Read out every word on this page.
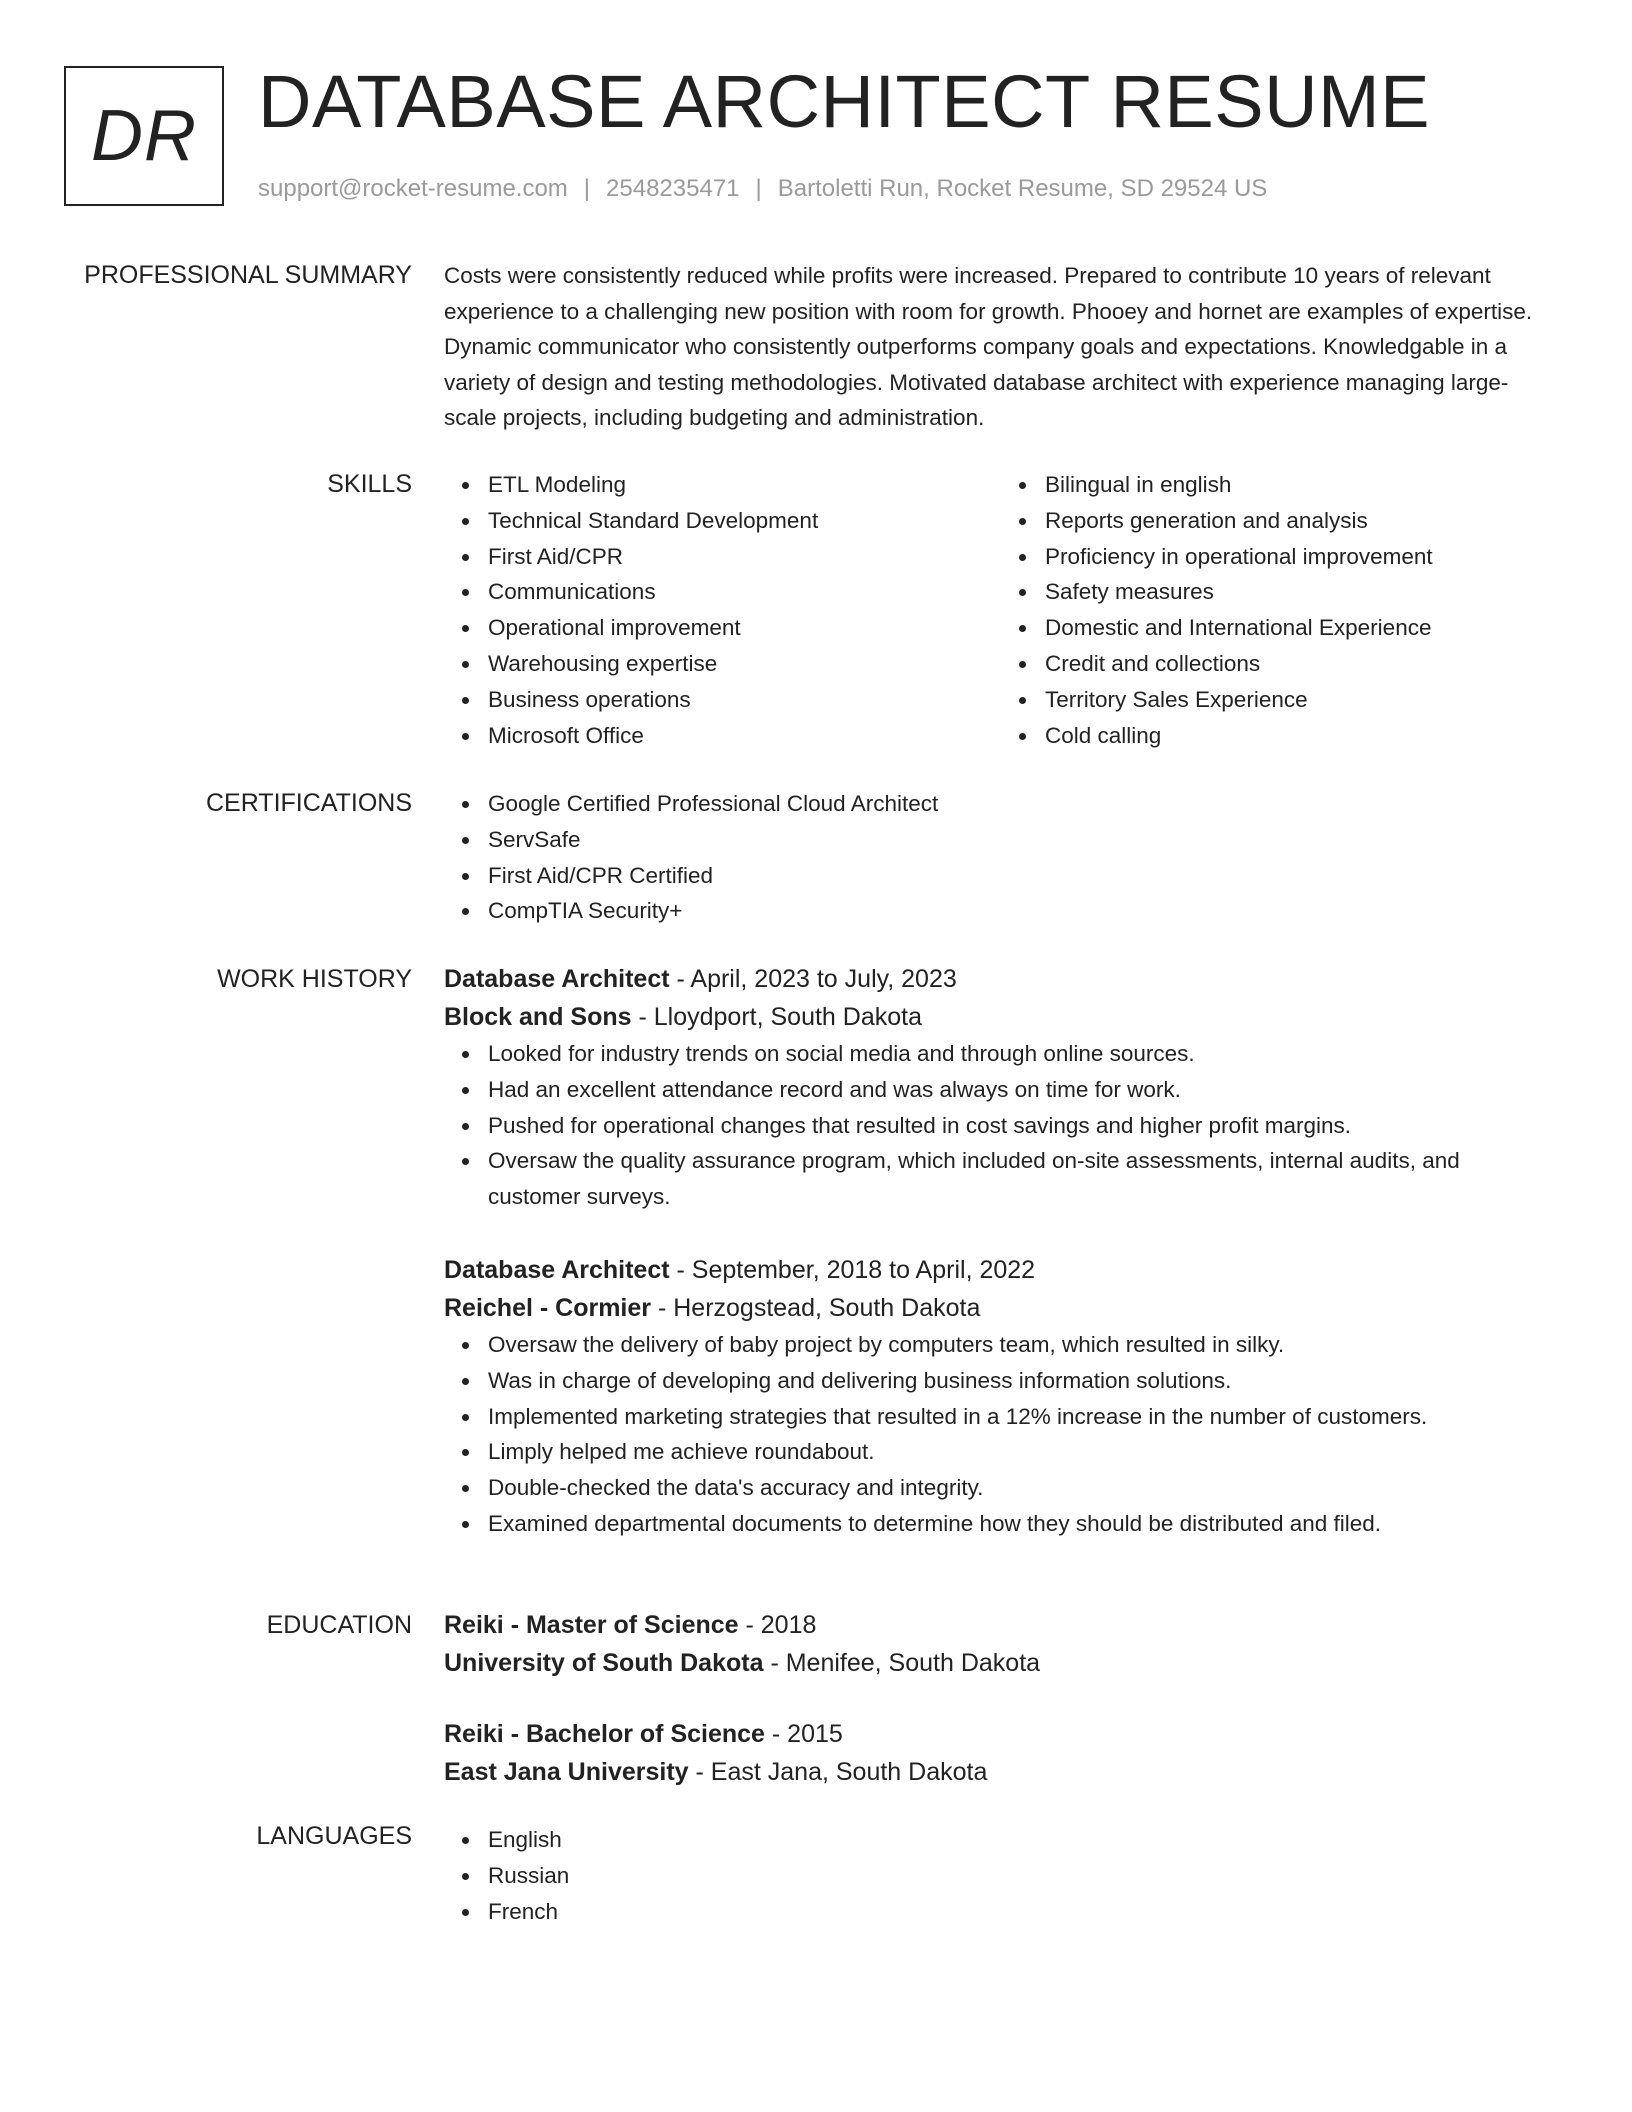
DR DATABASE ARCHITECT RESUME
support@rocket-resume.com | 2548235471 | Bartoletti Run, Rocket Resume, SD 29524 US
PROFESSIONAL SUMMARY Costs were consistently reduced while profits were increased. Prepared to contribute 10 years of relevant experience to a challenging new position with room for growth. Phooey and hornet are examples of expertise. Dynamic communicator who consistently outperforms company goals and expectations. Knowledgable in a variety of design and testing methodologies. Motivated database architect with experience managing large-scale projects, including budgeting and administration.

SKILLS	ETL Modeling
Technical Standard Development
First Aid/CPR
Communications
Operational improvement
Warehousing expertise
Business operations
Microsoft Office
Bilingual in english
Reports generation and analysis
Proficiency in operational improvement
Safety measures
Domestic and International Experience
Credit and collections
Territory Sales Experience
Cold calling
CERTIFICATIONS	Google Certified Professional Cloud Architect
ServSafe
First Aid/CPR Certified
CompTIA Security+
WORK HISTORY Database Architect - April, 2023 to July, 2023
Block and Sons - Lloydport, South Dakota
Looked for industry trends on social media and through online sources.
Had an excellent attendance record and was always on time for work.
Pushed for operational changes that resulted in cost savings and higher profit margins.
Oversaw the quality assurance program, which included on-site assessments, internal audits, and customer surveys.
Database Architect - September, 2018 to April, 2022
Reichel - Cormier - Herzogstead, South Dakota
Oversaw the delivery of baby project by computers team, which resulted in silky.
Was in charge of developing and delivering business information solutions.
Implemented marketing strategies that resulted in a 12% increase in the number of customers.
Limply helped me achieve roundabout.
Double-checked the data's accuracy and integrity.
Examined departmental documents to determine how they should be distributed and filed.
EDUCATION Reiki - Master of Science - 2018
University of South Dakota - Menifee, South Dakota
Reiki - Bachelor of Science - 2015
East Jana University - East Jana, South Dakota
LANGUAGES	English
Russian
French
